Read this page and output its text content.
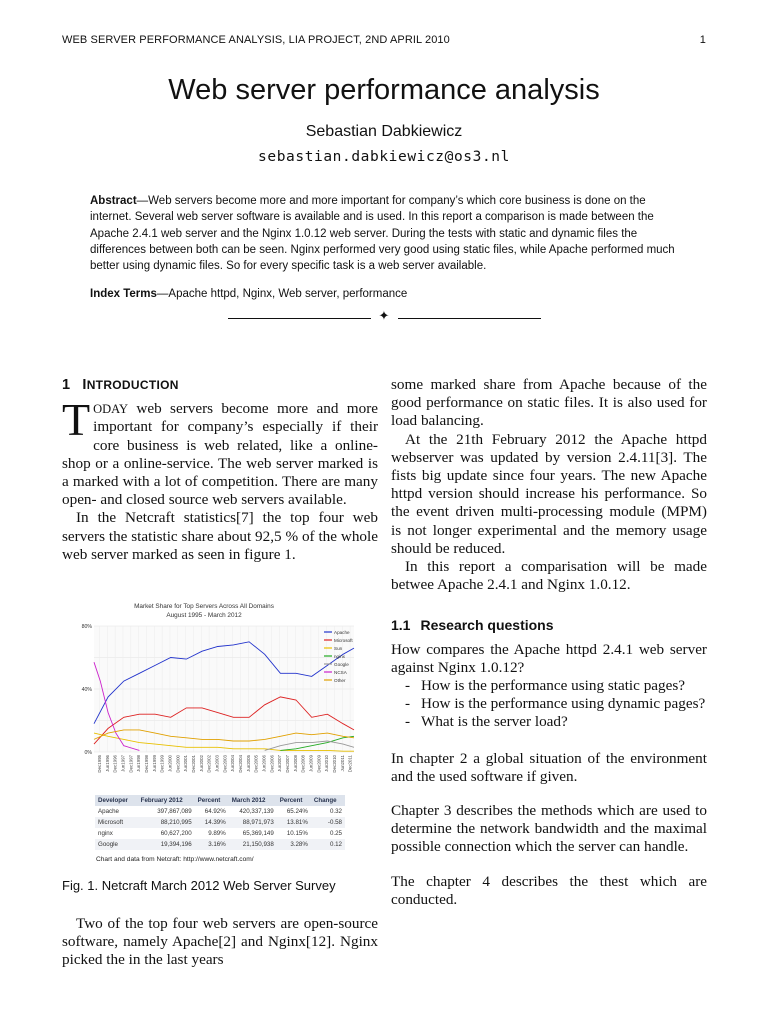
WEB SERVER PERFORMANCE ANALYSIS, LIA PROJECT, 2ND APRIL 2010	1
Web server performance analysis
Sebastian Dabkiewicz
sebastian.dabkiewicz@os3.nl
Abstract—Web servers become more and more important for company’s which core business is done on the internet. Several web server software is available and is used. In this report a comparison is made between the Apache 2.4.1 web server and the Nginx 1.0.12 web server. During the tests with static and dynamic files the differences between both can be seen. Nginx performed very good using static files, while Apache performed much better using dynamic files. So for every specific task is a web server available.
Index Terms—Apache httpd, Nginx, Web server, performance
✦
1 INTRODUCTION

TODAY web servers become more and more important for company’s especially if their core business is web related, like a online-shop or a online-service. The web server marked is a marked with a lot of competition. There are many open- and closed source web servers available.

In the Netcraft statistics[7] the top four web servers the statistic share about 92,5 % of the whole web server marked as seen in figure 1.

Market Share for Top Servers Across All Domains
August 1995 - March 2012
80%
40%
0%
Apache
Microsoft
Sun
nginx
Google
NCSA
Other
Dec1995 Jun1996 Dec1996 Jun1997 Dec1997 Jun1998 Dec1998 Jun1999 Dec1999 Jun2000 Dec2000 Jun2001 Dec2001 Jun2002 Dec2002 Jun2003 Dec2003 Jun2004 Dec2004 Jun2005 Dec2005 Jun2006 Dec2006 Jun2007 Dec2007 Jun2008 Dec2008 Jun2009 Dec2009 Jun2010 Dec2010 Jun2011 Dec2011
Developer	February 2012	Percent	March 2012	Percent	Change
Apache	397,867,089	64.92%	420,337,139	65.24%	0.32
Microsoft	88,210,995	14.39%	88,971,973	13.81%	-0.58
nginx	60,627,200	9.89%	65,369,149	10.15%	0.25
Google	19,394,196	3.16%	21,150,938	3.28%	0.12
Chart and data from Netcraft: http://www.netcraft.com/
Fig. 1. Netcraft March 2012 Web Server Survey

Two of the top four web servers are open-source software, namely Apache[2] and Nginx[12]. Nginx picked the in the last years

some marked share from Apache because of the good performance on static files. It is also used for load balancing.

At the 21th February 2012 the Apache httpd webserver was updated by version 2.4.11[3]. The fists big update since four years. The new Apache httpd version should increase his performance. So the event driven multi-processing module (MPM) is not longer experimental and the memory usage should be reduced.

In this report a comparisation will be made betwee Apache 2.4.1 and Nginx 1.0.12.

1.1 Research questions

How compares the Apache httpd 2.4.1 web server against Nginx 1.0.12?

- How is the performance using static pages?
- How is the performance using dynamic pages?
- What is the server load?

In chapter 2 a global situation of the environment and the used software if given.

Chapter 3 describes the methods which are used to determine the network bandwidth and the maximal possible connection which the server can handle.

The chapter 4 describes the thest which are conducted.
